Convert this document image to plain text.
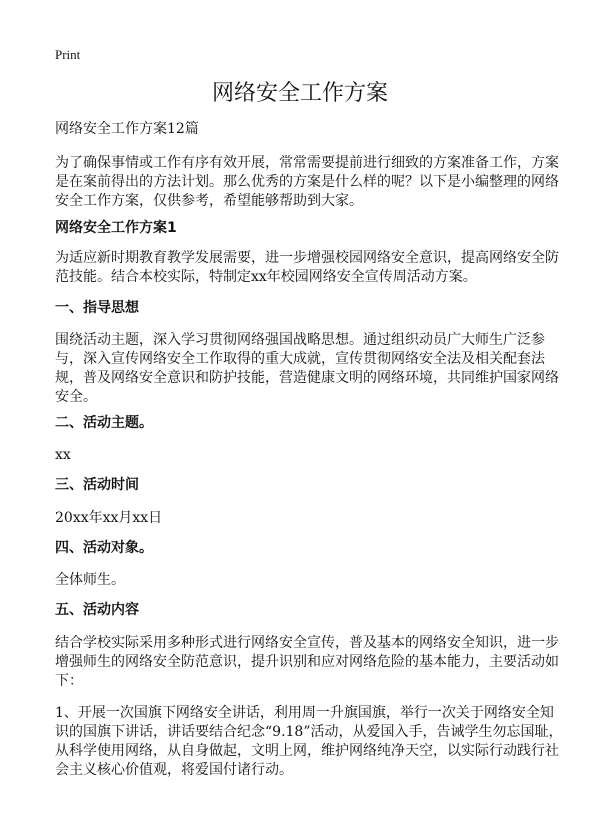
Print
网络安全工作方案

网络安全工作方案12篇

为了确保事情或工作有序有效开展，常常需要提前进行细致的方案准备工作，方案是在案前得出的方法计划。那么优秀的方案是什么样的呢？以下是小编整理的网络安全工作方案，仅供参考，希望能够帮助到大家。

网络安全工作方案1

为适应新时期教育教学发展需要，进一步增强校园网络安全意识，提高网络安全防范技能。结合本校实际，特制定xx年校园网络安全宣传周活动方案。

一、指导思想

围绕活动主题，深入学习贯彻网络强国战略思想。通过组织动员广大师生广泛参与，深入宣传网络安全工作取得的重大成就，宣传贯彻网络安全法及相关配套法规，普及网络安全意识和防护技能，营造健康文明的网络环境，共同维护国家网络安全。

二、活动主题。

xx

三、活动时间

20xx年xx月xx日

四、活动对象。

全体师生。

五、活动内容

结合学校实际采用多种形式进行网络安全宣传，普及基本的网络安全知识，进一步增强师生的网络安全防范意识，提升识别和应对网络危险的基本能力，主要活动如下：

1、开展一次国旗下网络安全讲话，利用周一升旗国旗，举行一次关于网络安全知识的国旗下讲话，讲话要结合纪念“9.18”活动，从爱国入手，告诫学生勿忘国耻，从科学使用网络，从自身做起，文明上网，维护网络纯净天空，以实际行动践行社会主义核心价值观，将爱国付诸行动。
